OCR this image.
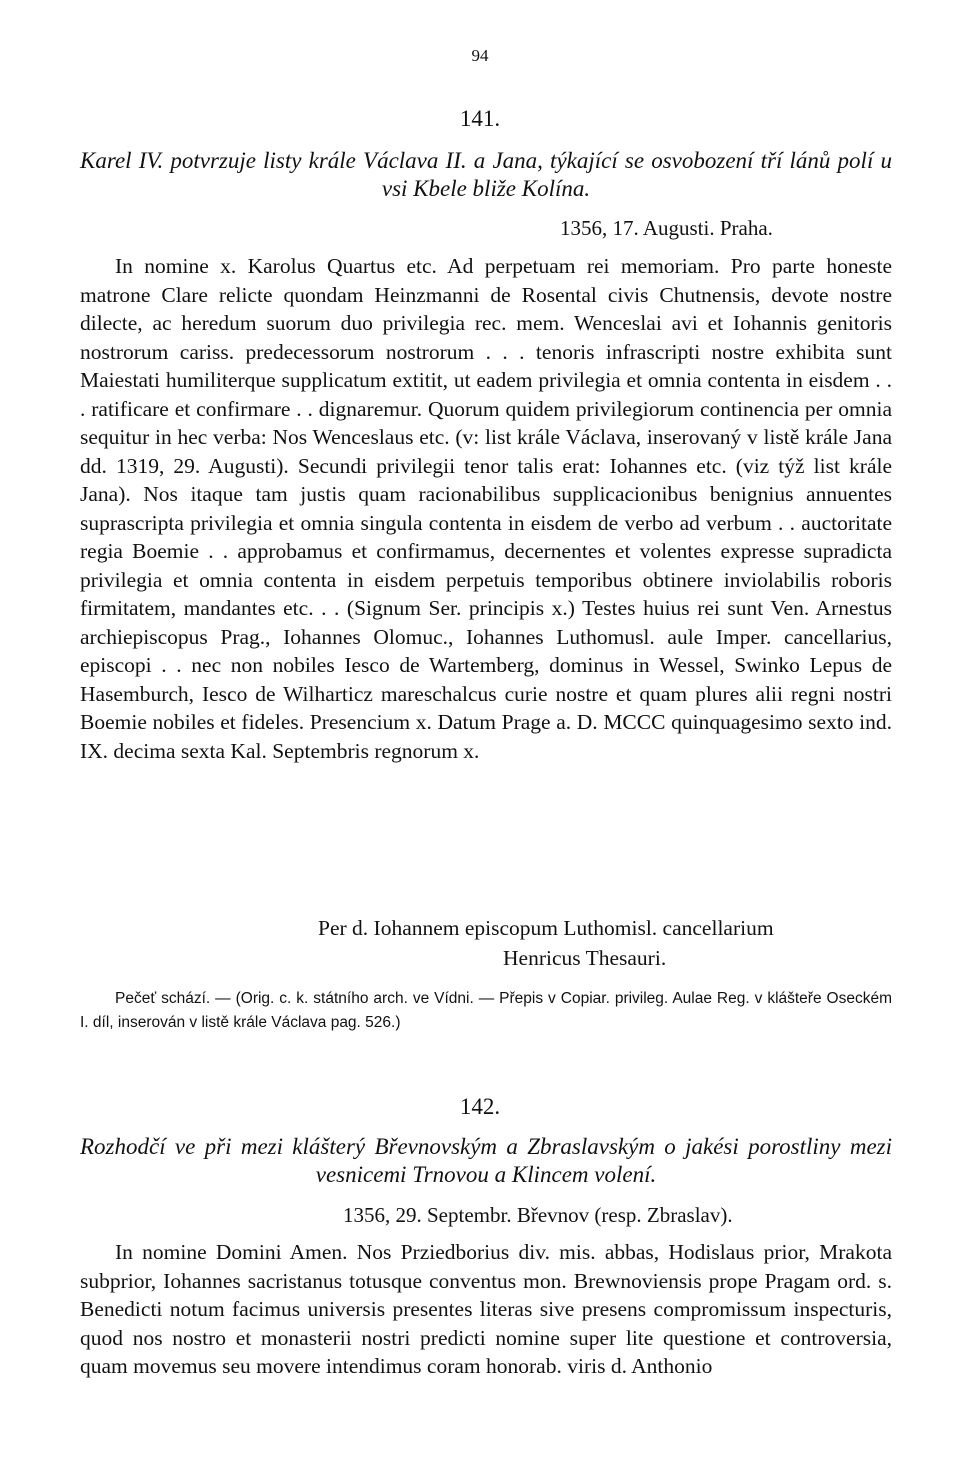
94
141.
Karel IV. potvrzuje listy krále Václava II. a Jana, týkající se osvobození tří lánů polí u vsi Kbele bliže Kolína.
1356, 17. Augusti. Praha.

In nomine x. Karolus Quartus etc. Ad perpetuam rei memoriam. Pro parte honeste matrone Clare relicte quondam Heinzmanni de Rosental civis Chutnensis, devote nostre dilecte, ac heredum suorum duo privilegia rec. mem. Wenceslai avi et Iohannis genitoris nostrorum cariss. predecessorum nostrorum . . . tenoris infrascripti nostre exhibita sunt Maiestati humiliterque supplicatum extitit, ut eadem privilegia et omnia contenta in eisdem . . . ratificare et confirmare . . dignaremur. Quorum quidem privilegiorum continencia per omnia sequitur in hec verba: Nos Wenceslaus etc. (v: list krále Václava, inserovaný v listě krále Jana dd. 1319, 29. Augusti). Secundi privilegii tenor talis erat: Iohannes etc. (viz týž list krále Jana). Nos itaque tam justis quam racionabilibus supplicacionibus benignius annuentes suprascripta privilegia et omnia singula contenta in eisdem de verbo ad verbum . . auctoritate regia Boemie . . approbamus et confirmamus, decernentes et volentes expresse supradicta privilegia et omnia contenta in eisdem perpetuis temporibus obtinere inviolabilis roboris firmitatem, mandantes etc. . . (Signum Ser. principis x.) Testes huius rei sunt Ven. Arnestus archiepiscopus Prag., Iohannes Olomuc., Iohannes Luthomusl. aule Imper. cancellarius, episcopi . . nec non nobiles Iesco de Wartemberg, dominus in Wessel, Swinko Lepus de Hasemburch, Iesco de Wilharticz mareschalcus curie nostre et quam plures alii regni nostri Boemie nobiles et fideles. Presencium x. Datum Prage a. D. MCCC quinquagesimo sexto ind. IX. decima sexta Kal. Septembris regnorum x.

Per d. Iohannem episcopum Luthomisl. cancellarium
Henricus Thesauri.

Pečeť schází. — (Orig. c. k. státního arch. ve Vídni. — Přepis v Copiar. privileg. Aulae Reg. v klášteře Oseckém I. díl, inserován v listě krále Václava pag. 526.)

142.
Rozhodčí ve při mezi klášterý Břevnovským a Zbraslavským o jakési porostliny mezi vesnicemi Trnovou a Klincem volení.
1356, 29. Septembr. Břevnov (resp. Zbraslav).

In nomine Domini Amen. Nos Prziedborius div. mis. abbas, Hodislaus prior, Mrakota subprior, Iohannes sacristanus totusque conventus mon. Brewnoviensis prope Pragam ord. s. Benedicti notum facimus universis presentes literas sive presens compromissum inspecturis, quod nos nostro et monasterii nostri predicti nomine super lite questione et controversia, quam movemus seu movere intendimus coram honorab. viris d. Anthonio
